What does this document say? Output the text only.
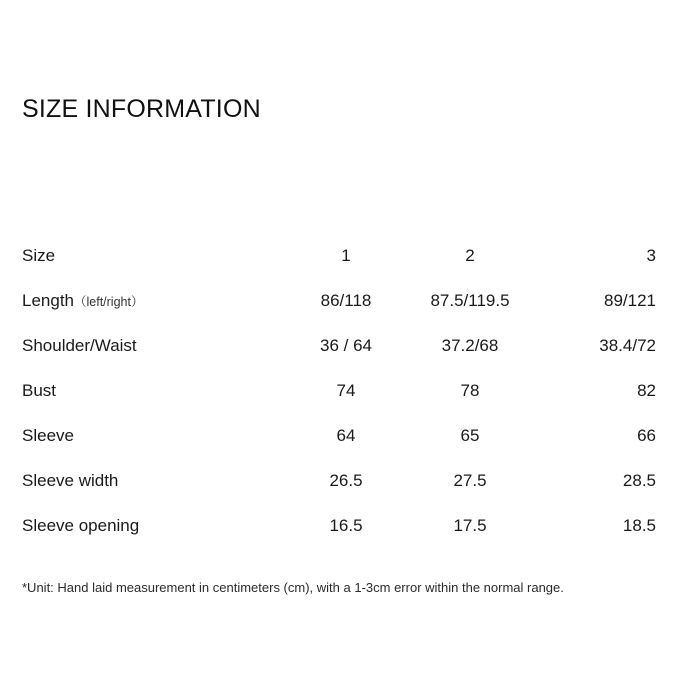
SIZE INFORMATION
Size	1	2	3
Length（left/right）	86/118	87.5/119.5	89/121
Shoulder/Waist	36 / 64	37.2/68	38.4/72
Bust	74	78	82
Sleeve	64	65	66
Sleeve width	26.5	27.5	28.5
Sleeve opening	16.5	17.5	18.5
*Unit: Hand laid measurement in centimeters (cm), with a 1-3cm error within the normal range.
